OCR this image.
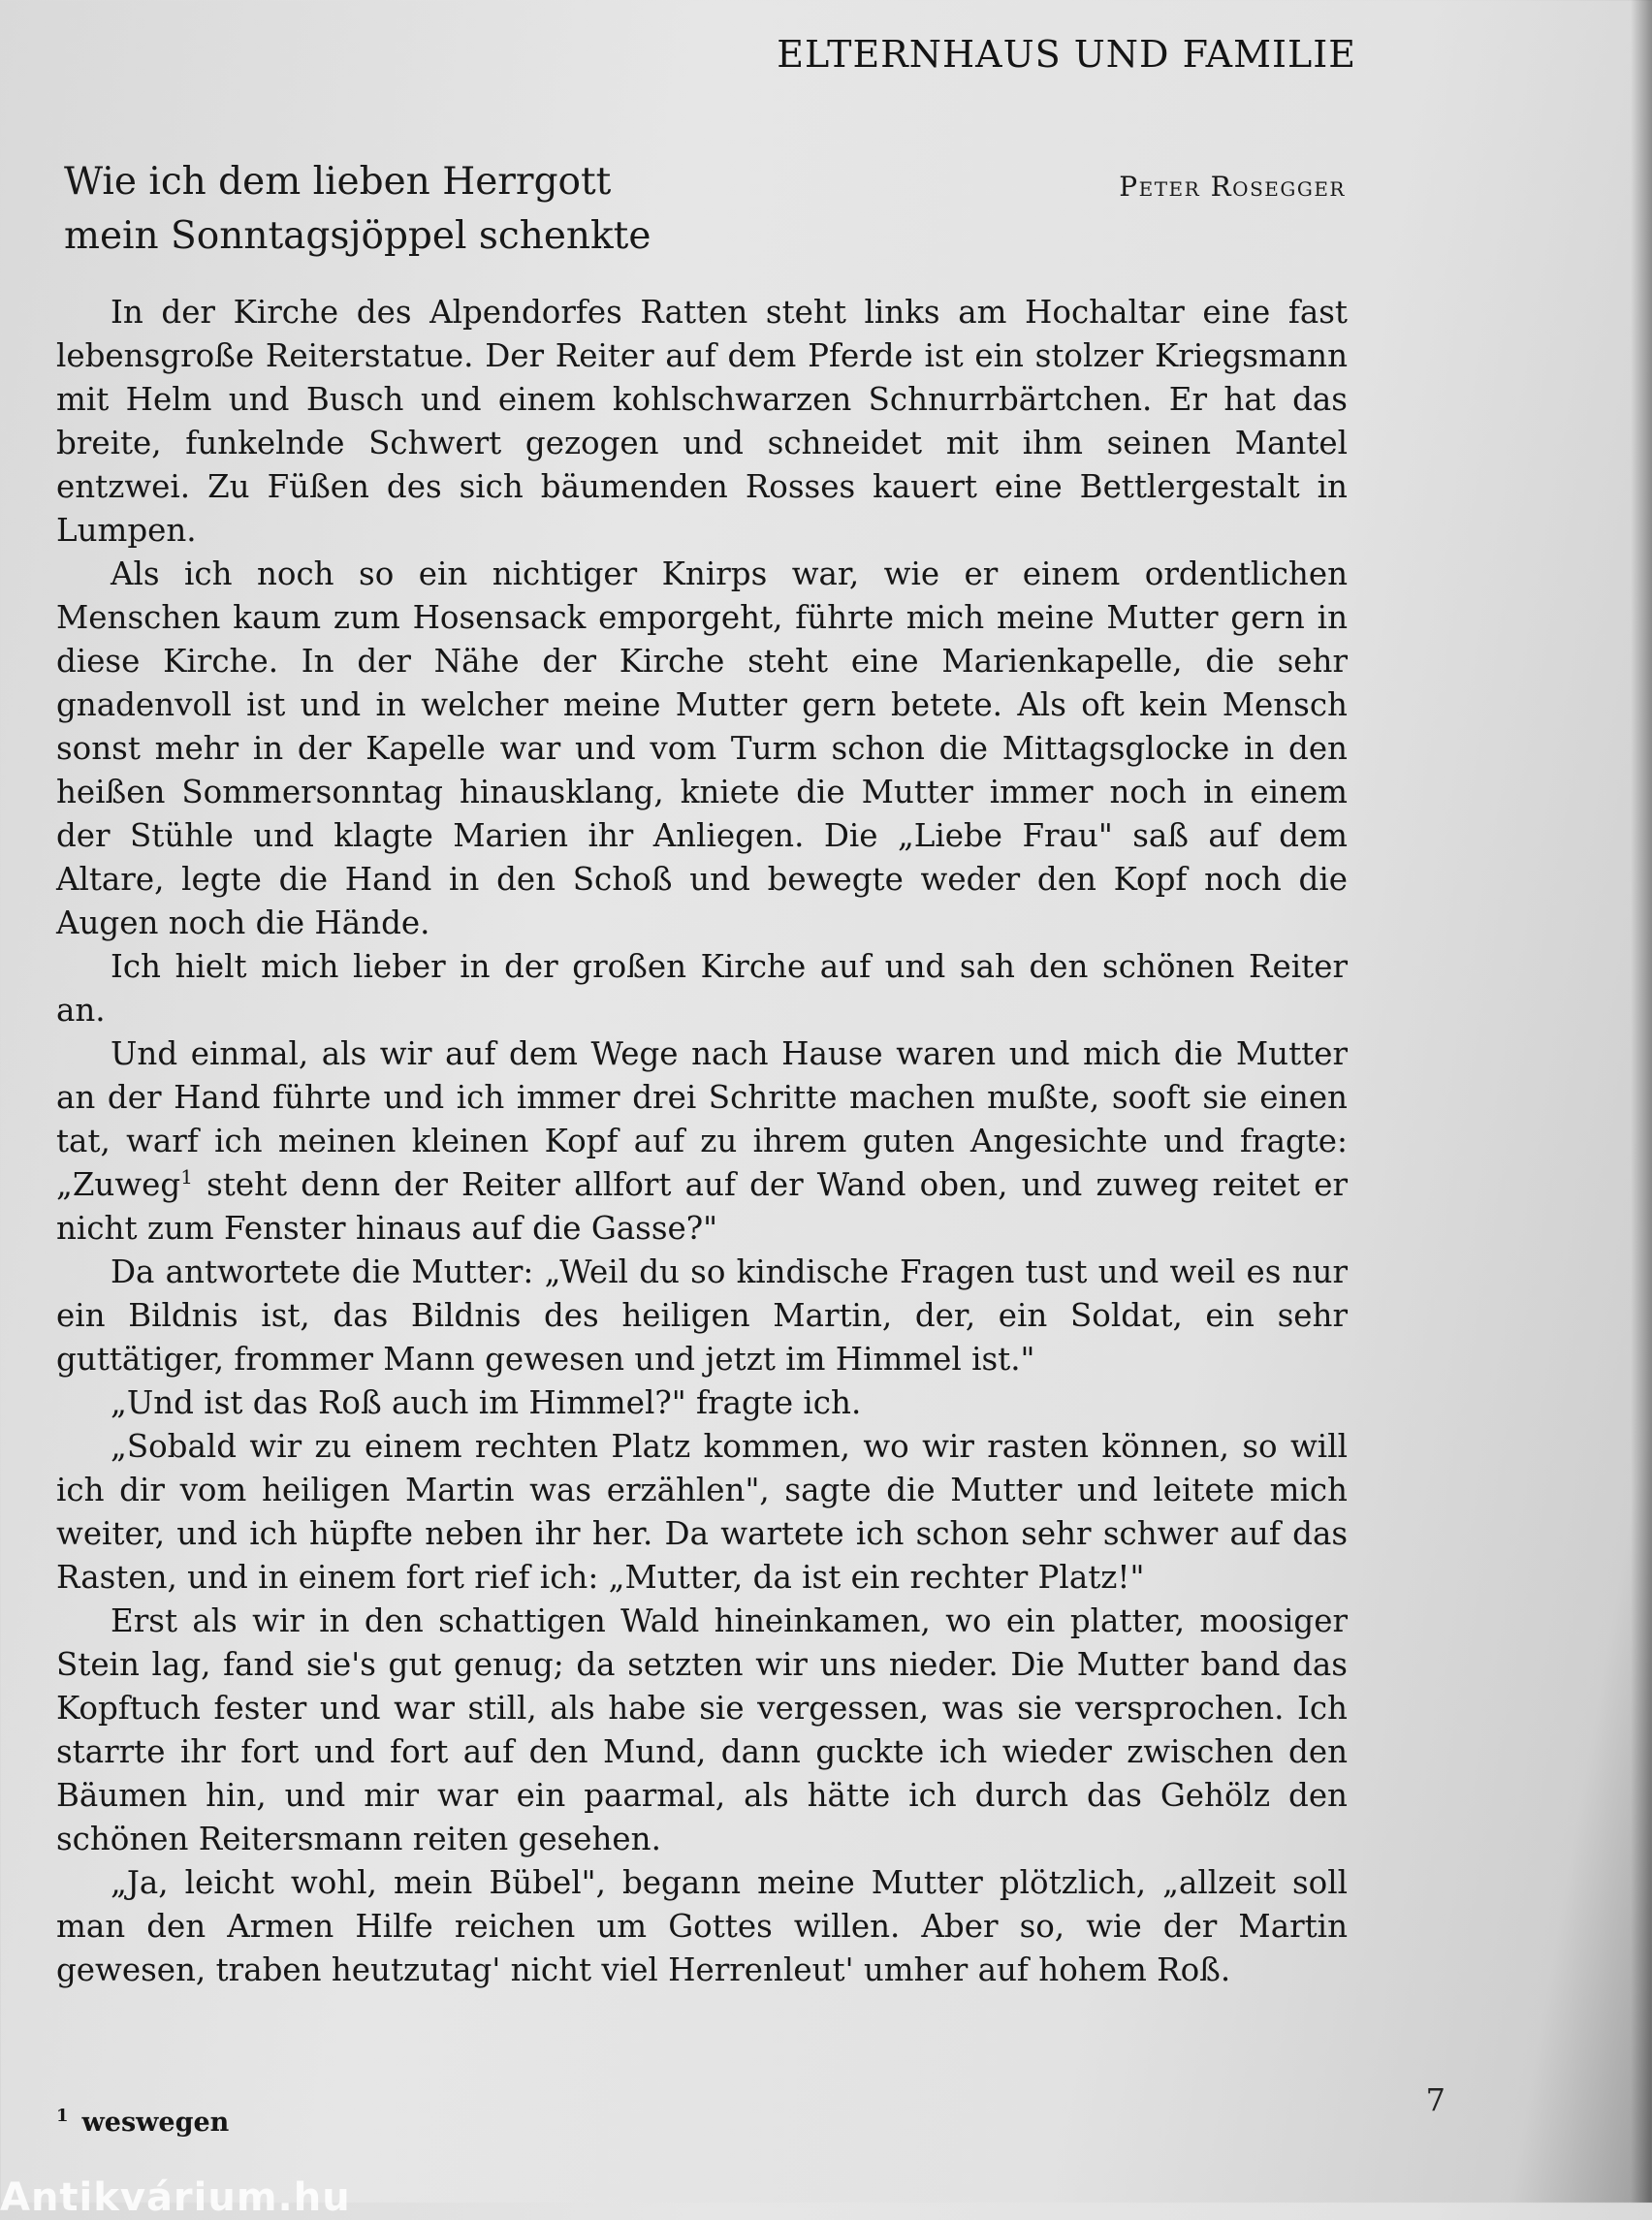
ELTERNHAUS UND FAMILIE
Wie ich dem lieben Herrgott
mein Sonntagsjöppel schenkte
Peter Rosegger

In der Kirche des Alpendorfes Ratten steht links am Hochaltar eine fast lebensgroße Reiterstatue. Der Reiter auf dem Pferde ist ein stolzer Kriegsmann mit Helm und Busch und einem kohlschwarzen Schnurrbärtchen. Er hat das breite, funkelnde Schwert gezogen und schneidet mit ihm seinen Mantel entzwei. Zu Füßen des sich bäumenden Rosses kauert eine Bettlergestalt in Lumpen.

Als ich noch so ein nichtiger Knirps war, wie er einem ordentlichen Menschen kaum zum Hosensack emporgeht, führte mich meine Mutter gern in diese Kirche. In der Nähe der Kirche steht eine Marienkapelle, die sehr gnadenvoll ist und in welcher meine Mutter gern betete. Als oft kein Mensch sonst mehr in der Kapelle war und vom Turm schon die Mittagsglocke in den heißen Sommersonntag hinausklang, kniete die Mutter immer noch in einem der Stühle und klagte Marien ihr Anliegen. Die „Liebe Frau" saß auf dem Altare, legte die Hand in den Schoß und bewegte weder den Kopf noch die Augen noch die Hände.

Ich hielt mich lieber in der großen Kirche auf und sah den schönen Reiter an.

Und einmal, als wir auf dem Wege nach Hause waren und mich die Mutter an der Hand führte und ich immer drei Schritte machen mußte, sooft sie einen tat, warf ich meinen kleinen Kopf auf zu ihrem guten Angesichte und fragte: „Zuweg$^1$ steht denn der Reiter allfort auf der Wand oben, und zuweg reitet er nicht zum Fenster hinaus auf die Gasse?"

Da antwortete die Mutter: „Weil du so kindische Fragen tust und weil es nur ein Bildnis ist, das Bildnis des heiligen Martin, der, ein Soldat, ein sehr guttätiger, frommer Mann gewesen und jetzt im Himmel ist."

„Und ist das Roß auch im Himmel?" fragte ich.

„Sobald wir zu einem rechten Platz kommen, wo wir rasten können, so will ich dir vom heiligen Martin was erzählen", sagte die Mutter und leitete mich weiter, und ich hüpfte neben ihr her. Da wartete ich schon sehr schwer auf das Rasten, und in einem fort rief ich: „Mutter, da ist ein rechter Platz!"

Erst als wir in den schattigen Wald hineinkamen, wo ein platter, moosiger Stein lag, fand sie's gut genug; da setzten wir uns nieder. Die Mutter band das Kopftuch fester und war still, als habe sie vergessen, was sie versprochen. Ich starrte ihr fort und fort auf den Mund, dann guckte ich wieder zwischen den Bäumen hin, und mir war ein paarmal, als hätte ich durch das Gehölz den schönen Reitersmann reiten gesehen.

„Ja, leicht wohl, mein Bübel", begann meine Mutter plötzlich, „allzeit soll man den Armen Hilfe reichen um Gottes willen. Aber so, wie der Martin gewesen, traben heutzutag' nicht viel Herrenleut' umher auf hohem Roß.

7
$^1$ weswegen
Antikvárium.hu
